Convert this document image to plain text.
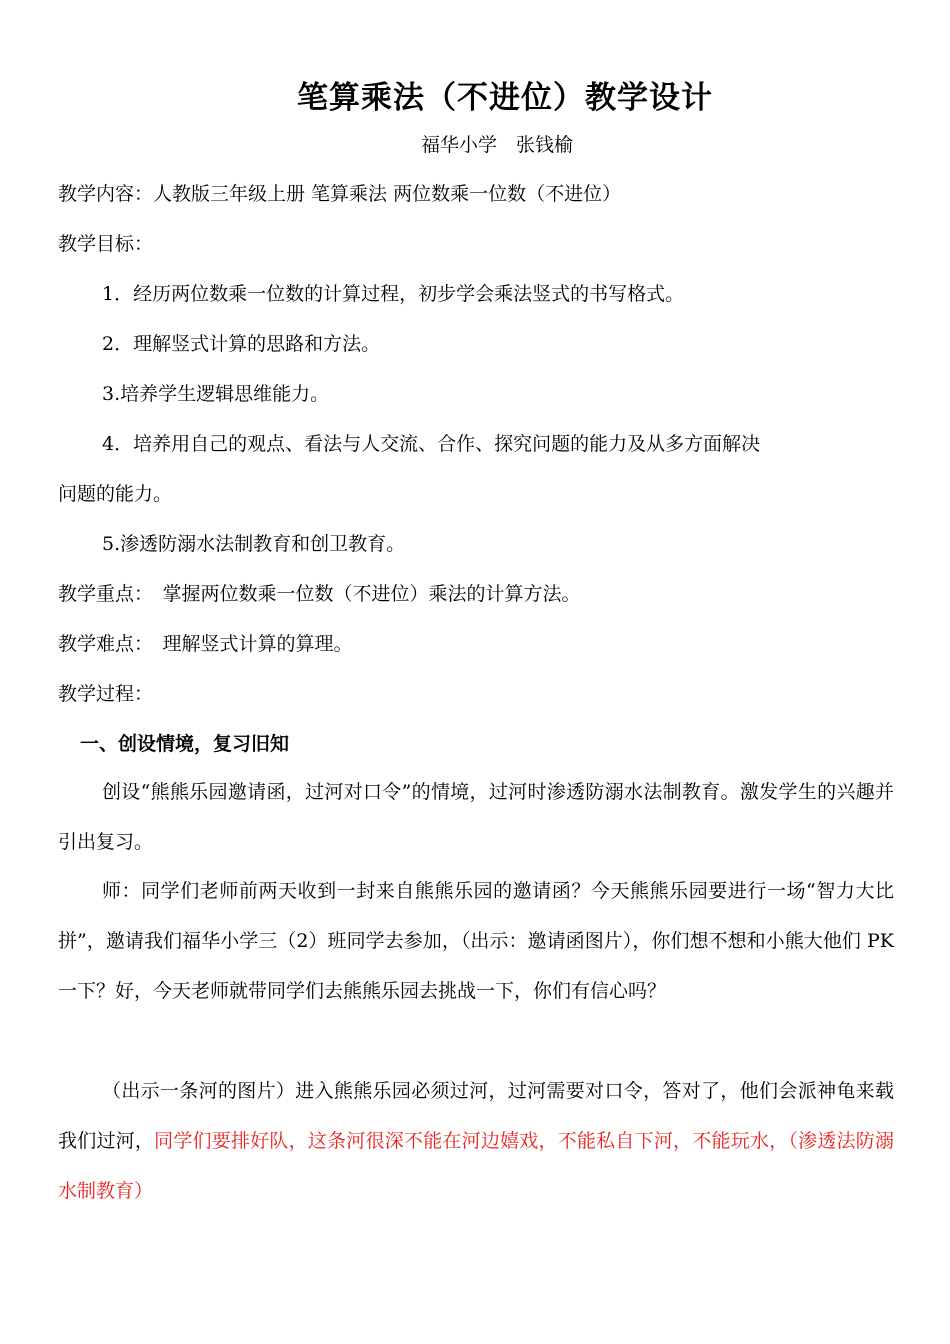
笔算乘法（不进位）教学设计
福华小学　张钱榆
教学内容：人教版三年级上册 笔算乘法 两位数乘一位数（不进位）
教学目标：
1．经历两位数乘一位数的计算过程，初步学会乘法竖式的书写格式。
2．理解竖式计算的思路和方法。
3.培养学生逻辑思维能力。
4．培养用自己的观点、看法与人交流、合作、探究问题的能力及从多方面解决
问题的能力。
5.渗透防溺水法制教育和创卫教育。
教学重点：　掌握两位数乘一位数（不进位）乘法的计算方法。
教学难点：　理解竖式计算的算理。
教学过程：
一、创设情境，复习旧知
创设“熊熊乐园邀请函，过河对口令”的情境，过河时渗透防溺水法制教育。激发学生的兴趣并引出复习。
师：同学们老师前两天收到一封来自熊熊乐园的邀请函？今天熊熊乐园要进行一场“智力大比拼”，邀请我们福华小学三（2）班同学去参加，（出示：邀请函图片），你们想不想和小熊大他们 PK 一下？好，今天老师就带同学们去熊熊乐园去挑战一下，你们有信心吗？
（出示一条河的图片）进入熊熊乐园必须过河，过河需要对口令，答对了，他们会派神龟来载我们过河，同学们要排好队，这条河很深不能在河边嬉戏，不能私自下河，不能玩水，（渗透法防溺水制教育）
